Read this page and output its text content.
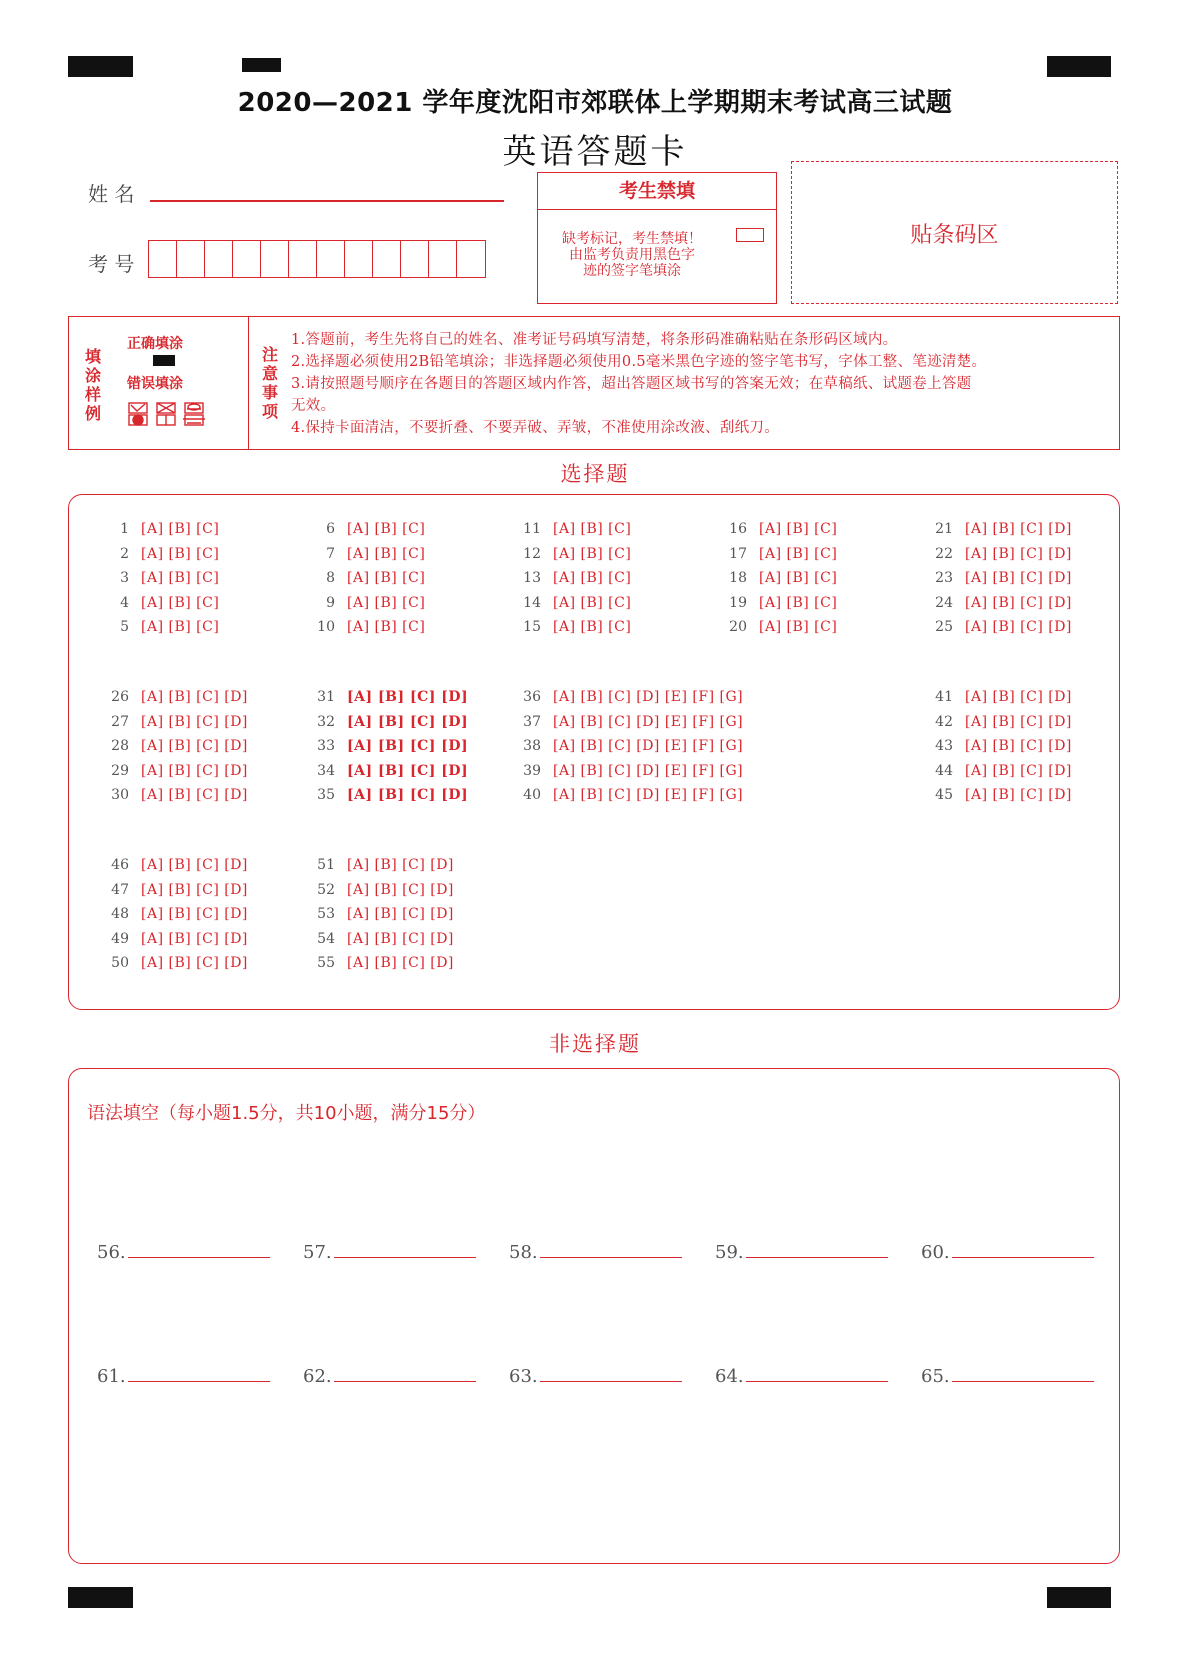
2020—2021 学年度沈阳市郊联体上学期期末考试高三试题
英语答题卡
姓 名
考 号
考生禁填
缺考标记，考生禁填！
由监考负责用黑色字
迹的签字笔填涂
贴条码区
填涂样例
正确填涂
错误填涂
注意事项
1.答题前，考生先将自己的姓名、准考证号码填写清楚，将条形码准确粘贴在条形码区域内。
2.选择题必须使用2B铅笔填涂；非选择题必须使用0.5毫米黑色字迹的签字笔书写，字体工整、笔迹清楚。
3.请按照题号顺序在各题目的答题区域内作答，超出答题区域书写的答案无效；在草稿纸、试题卷上答题
无效。
4.保持卡面清洁，不要折叠、不要弄破、弄皱，不准使用涂改液、刮纸刀。
选择题
1 [A] [B] [C]
2 [A] [B] [C]
3 [A] [B] [C]
4 [A] [B] [C]
5 [A] [B] [C]
6 [A] [B] [C]
7 [A] [B] [C]
8 [A] [B] [C]
9 [A] [B] [C]
10 [A] [B] [C]
11 [A] [B] [C]
12 [A] [B] [C]
13 [A] [B] [C]
14 [A] [B] [C]
15 [A] [B] [C]
16 [A] [B] [C]
17 [A] [B] [C]
18 [A] [B] [C]
19 [A] [B] [C]
20 [A] [B] [C]
21 [A] [B] [C] [D]
22 [A] [B] [C] [D]
23 [A] [B] [C] [D]
24 [A] [B] [C] [D]
25 [A] [B] [C] [D]
26 [A] [B] [C] [D]
27 [A] [B] [C] [D]
28 [A] [B] [C] [D]
29 [A] [B] [C] [D]
30 [A] [B] [C] [D]
31 [A] [B] [C] [D]
32 [A] [B] [C] [D]
33 [A] [B] [C] [D]
34 [A] [B] [C] [D]
35 [A] [B] [C] [D]
36 [A] [B] [C] [D] [E] [F] [G]
37 [A] [B] [C] [D] [E] [F] [G]
38 [A] [B] [C] [D] [E] [F] [G]
39 [A] [B] [C] [D] [E] [F] [G]
40 [A] [B] [C] [D] [E] [F] [G]
41 [A] [B] [C] [D]
42 [A] [B] [C] [D]
43 [A] [B] [C] [D]
44 [A] [B] [C] [D]
45 [A] [B] [C] [D]
46 [A] [B] [C] [D]
47 [A] [B] [C] [D]
48 [A] [B] [C] [D]
49 [A] [B] [C] [D]
50 [A] [B] [C] [D]
51 [A] [B] [C] [D]
52 [A] [B] [C] [D]
53 [A] [B] [C] [D]
54 [A] [B] [C] [D]
55 [A] [B] [C] [D]
非选择题
语法填空（每小题1.5分，共10小题，满分15分）
56.	57.	58.	59.	60.
61.	62.	63.	64.	65.
